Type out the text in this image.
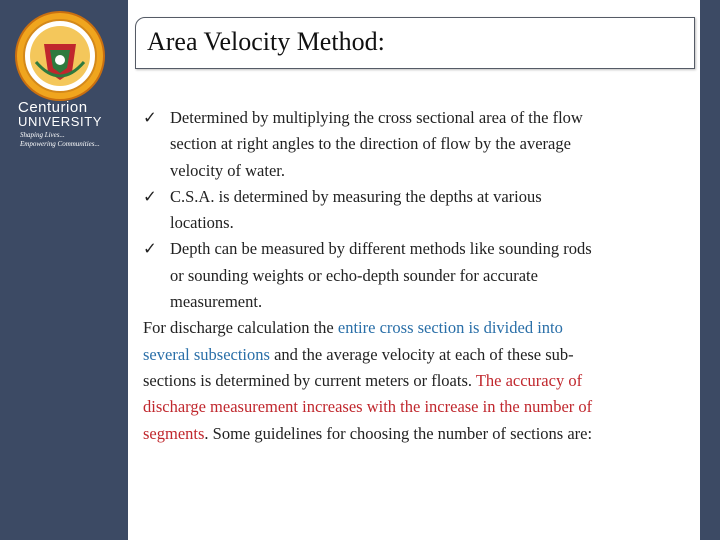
Centurion
UNIVERSITY
Shaping Lives...
Empowering Communities...
Area Velocity Method:
✓ Determined by multiplying the cross sectional area of the flow
section at right angles to the direction of flow by the average
velocity of water.
✓ C.S.A. is determined by measuring the depths at various
locations.
✓ Depth can be measured by different methods like sounding rods
or sounding weights or echo-depth sounder for accurate
measurement.

For discharge calculation the entire cross section is divided into
several subsections and the average velocity at each of these sub-
sections is determined by current meters or floats. The accuracy of
discharge measurement increases with the increase in the number of
segments. Some guidelines for choosing the number of sections are:
